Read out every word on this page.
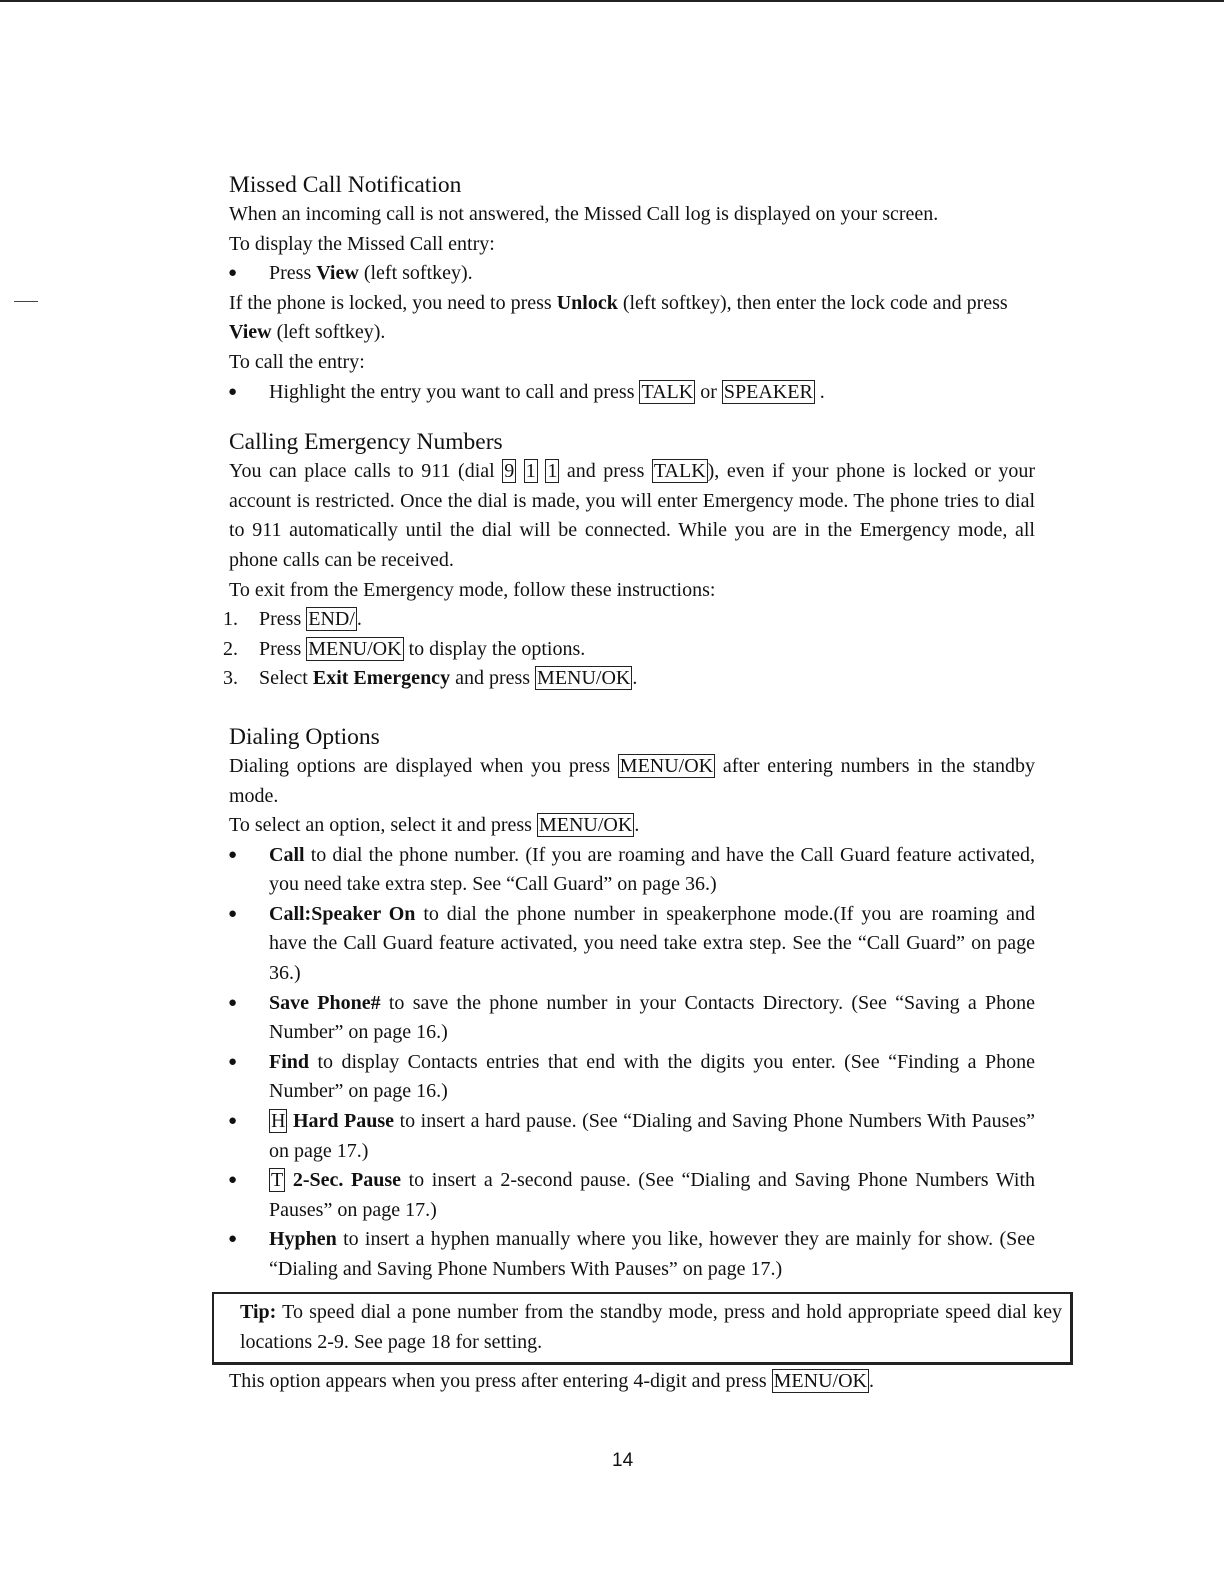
Missed Call Notification

When an incoming call is not answered, the Missed Call log is displayed on your screen.

To display the Missed Call entry:

● Press View (left softkey).

If the phone is locked, you need to press Unlock (left softkey), then enter the lock code and press View (left softkey).

To call the entry:

● Highlight the entry you want to call and press TALK or SPEAKER .
Calling Emergency Numbers

You can place calls to 911 (dial 9 1 1 and press TALK ), even if your phone is locked or your account is restricted. Once the dial is made, you will enter Emergency mode. The phone tries to dial to 911 automatically until the dial will be connected. While you are in the Emergency mode, all phone calls can be received.

To exit from the Emergency mode, follow these instructions:

1. Press END/ .
2. Press MENU/OK to display the options.
3. Select Exit Emergency and press MENU/OK .
Dialing Options

Dialing options are displayed when you press MENU/OK after entering numbers in the standby mode.

To select an option, select it and press MENU/OK .

● Call to dial the phone number. (If you are roaming and have the Call Guard feature activated, you need take extra step. See “Call Guard” on page 36.)
● Call:Speaker On to dial the phone number in speakerphone mode.(If you are roaming and have the Call Guard feature activated, you need take extra step. See the “Call Guard” on page 36.)
● Save Phone# to save the phone number in your Contacts Directory. (See “Saving a Phone Number” on page 16.)
● Find to display Contacts entries that end with the digits you enter. (See “Finding a Phone Number” on page 16.)
● H Hard Pause to insert a hard pause. (See “Dialing and Saving Phone Numbers With Pauses” on page 17.)
● T 2-Sec. Pause to insert a 2-second pause. (See “Dialing and Saving Phone Numbers With Pauses” on page 17.)
● Hyphen to insert a hyphen manually where you like, however they are mainly for show. (See “Dialing and Saving Phone Numbers With Pauses” on page 17.)
Tip: To speed dial a pone number from the standby mode, press and hold appropriate speed dial key locations 2-9. See page 18 for setting.

This option appears when you press after entering 4-digit and press MENU/OK .

14
